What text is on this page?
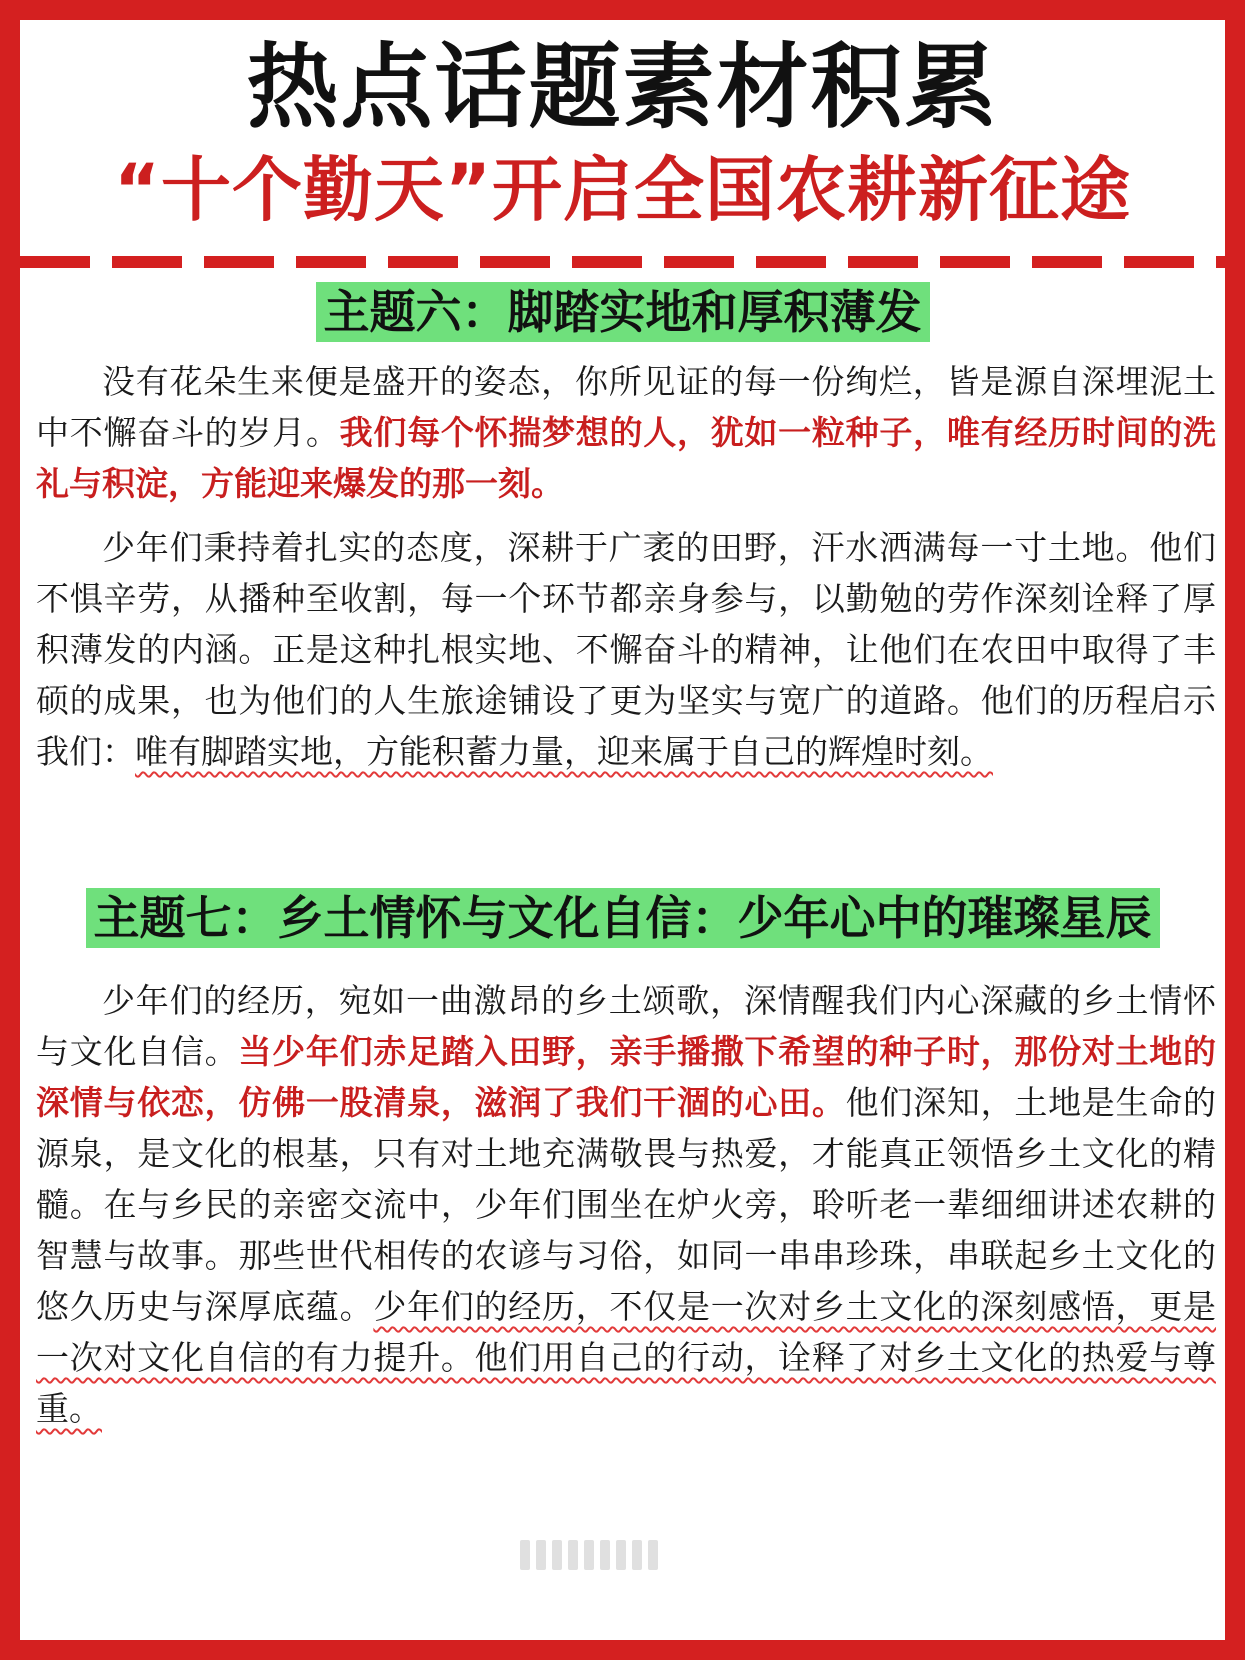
热点话题素材积累
“十个勤天”开启全国农耕新征途
主题六：脚踏实地和厚积薄发

没有花朵生来便是盛开的姿态，你所见证的每一份绚烂，皆是源自深埋泥土中不懈奋斗的岁月。我们每个怀揣梦想的人，犹如一粒种子，唯有经历时间的洗礼与积淀，方能迎来爆发的那一刻。

少年们秉持着扎实的态度，深耕于广袤的田野，汗水洒满每一寸土地。他们不惧辛劳，从播种至收割，每一个环节都亲身参与，以勤勉的劳作深刻诠释了厚积薄发的内涵。正是这种扎根实地、不懈奋斗的精神，让他们在农田中取得了丰硕的成果，也为他们的人生旅途铺设了更为坚实与宽广的道路。他们的历程启示我们：唯有脚踏实地，方能积蓄力量，迎来属于自己的辉煌时刻。

主题七：乡土情怀与文化自信：少年心中的璀璨星辰

少年们的经历，宛如一曲激昂的乡土颂歌，深情醒我们内心深藏的乡土情怀与文化自信。当少年们赤足踏入田野，亲手播撒下希望的种子时，那份对土地的深情与依恋，仿佛一股清泉，滋润了我们干涸的心田。他们深知，土地是生命的源泉，是文化的根基，只有对土地充满敬畏与热爱，才能真正领悟乡土文化的精髓。在与乡民的亲密交流中，少年们围坐在炉火旁，聆听老一辈细细讲述农耕的智慧与故事。那些世代相传的农谚与习俗，如同一串串珍珠，串联起乡土文化的悠久历史与深厚底蕴。少年们的经历，不仅是一次对乡土文化的深刻感悟，更是一次对文化自信的有力提升。他们用自己的行动，诠释了对乡土文化的热爱与尊重。
